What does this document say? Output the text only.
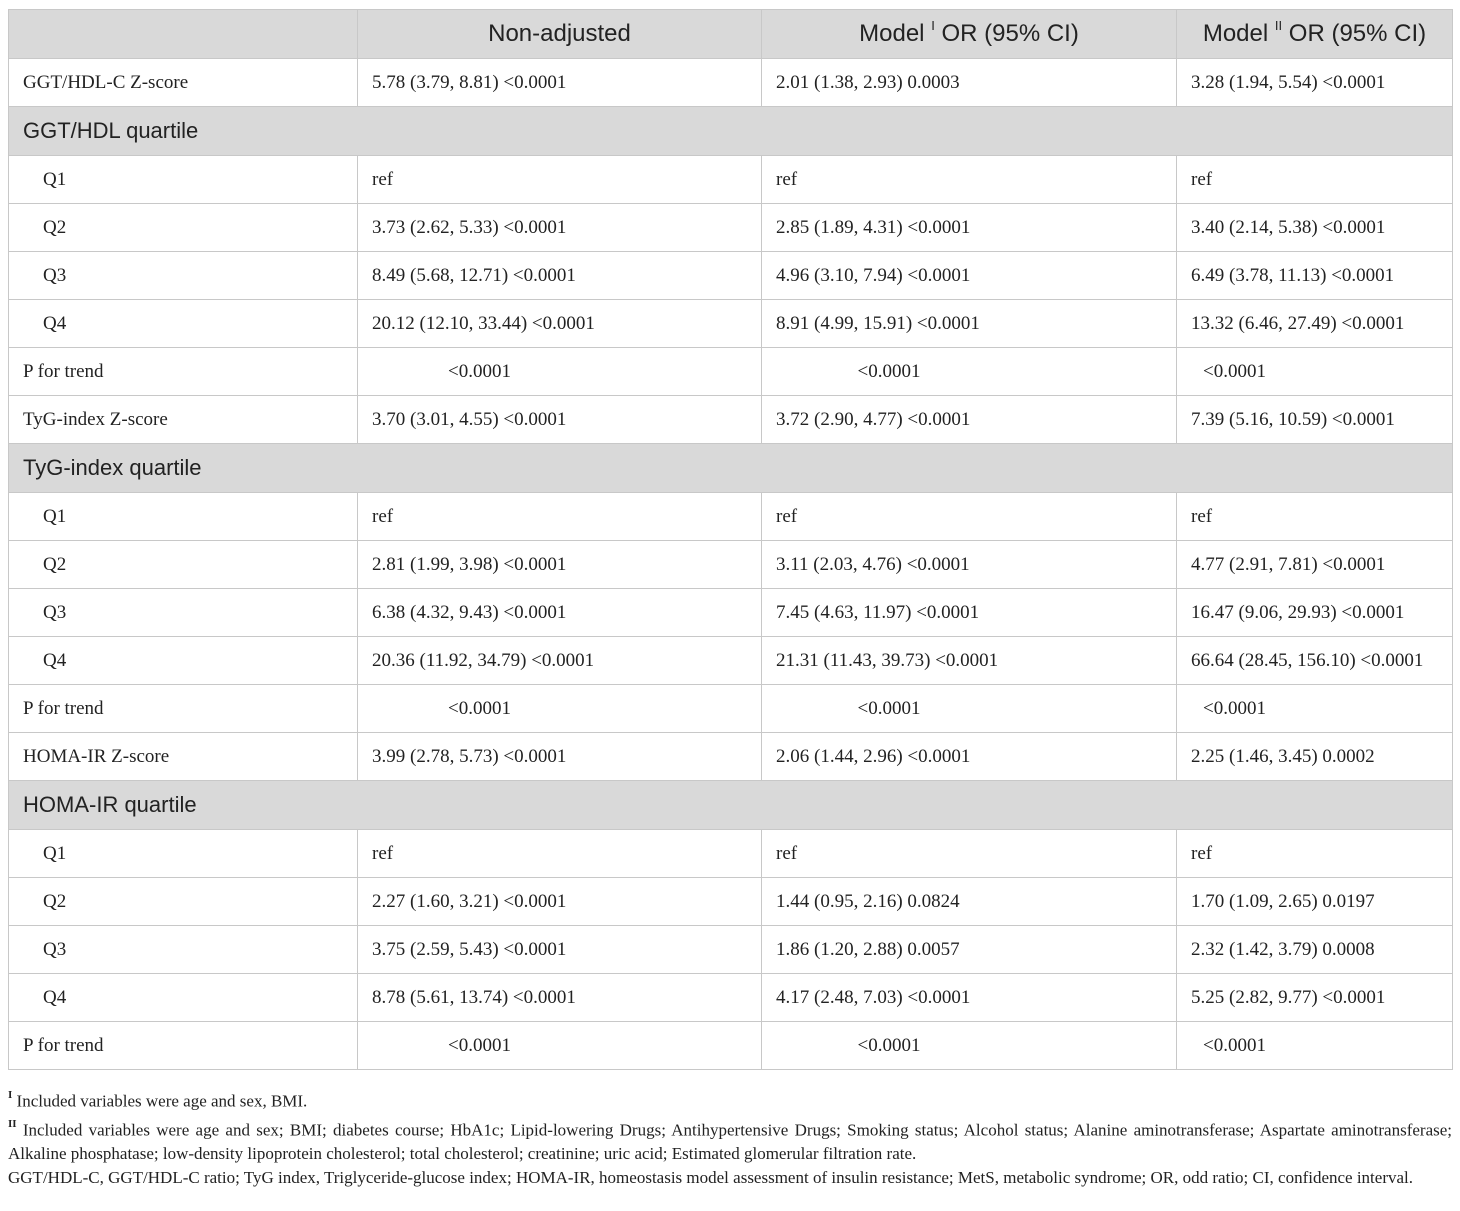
	Non-adjusted	Model $^I$ OR (95% CI)	Model $^{II}$ OR (95% CI)
GGT/HDL-C Z-score	5.78 (3.79, 8.81) <0.0001	2.01 (1.38, 2.93) 0.0003	3.28 (1.94, 5.54) <0.0001
GGT/HDL quartile			
Q1	ref	ref	ref
Q2	3.73 (2.62, 5.33) <0.0001	2.85 (1.89, 4.31) <0.0001	3.40 (2.14, 5.38) <0.0001
Q3	8.49 (5.68, 12.71) <0.0001	4.96 (3.10, 7.94) <0.0001	6.49 (3.78, 11.13) <0.0001
Q4	20.12 (12.10, 33.44) <0.0001	8.91 (4.99, 15.91) <0.0001	13.32 (6.46, 27.49) <0.0001
P for trend	<0.0001	<0.0001	<0.0001
TyG-index Z-score	3.70 (3.01, 4.55) <0.0001	3.72 (2.90, 4.77) <0.0001	7.39 (5.16, 10.59) <0.0001
TyG-index quartile			
Q1	ref	ref	ref
Q2	2.81 (1.99, 3.98) <0.0001	3.11 (2.03, 4.76) <0.0001	4.77 (2.91, 7.81) <0.0001
Q3	6.38 (4.32, 9.43) <0.0001	7.45 (4.63, 11.97) <0.0001	16.47 (9.06, 29.93) <0.0001
Q4	20.36 (11.92, 34.79) <0.0001	21.31 (11.43, 39.73) <0.0001	66.64 (28.45, 156.10) <0.0001
P for trend	<0.0001	<0.0001	<0.0001
HOMA-IR Z-score	3.99 (2.78, 5.73) <0.0001	2.06 (1.44, 2.96) <0.0001	2.25 (1.46, 3.45) 0.0002
HOMA-IR quartile			
Q1	ref	ref	ref
Q2	2.27 (1.60, 3.21) <0.0001	1.44 (0.95, 2.16) 0.0824	1.70 (1.09, 2.65) 0.0197
Q3	3.75 (2.59, 5.43) <0.0001	1.86 (1.20, 2.88) 0.0057	2.32 (1.42, 3.79) 0.0008
Q4	8.78 (5.61, 13.74) <0.0001	4.17 (2.48, 7.03) <0.0001	5.25 (2.82, 9.77) <0.0001
P for trend	<0.0001	<0.0001	<0.0001

$^I$ Included variables were age and sex, BMI.

$^{II}$ Included variables were age and sex; BMI; diabetes course; HbA1c; Lipid-lowering Drugs; Antihypertensive Drugs; Smoking status; Alcohol status; Alanine aminotransferase; Aspartate aminotransferase; Alkaline phosphatase; low-density lipoprotein cholesterol; total cholesterol; creatinine; uric acid; Estimated glomerular filtration rate.

GGT/HDL-C, GGT/HDL-C ratio; TyG index, Triglyceride-glucose index; HOMA-IR, homeostasis model assessment of insulin resistance; MetS, metabolic syndrome; OR, odd ratio; CI, confidence interval.
